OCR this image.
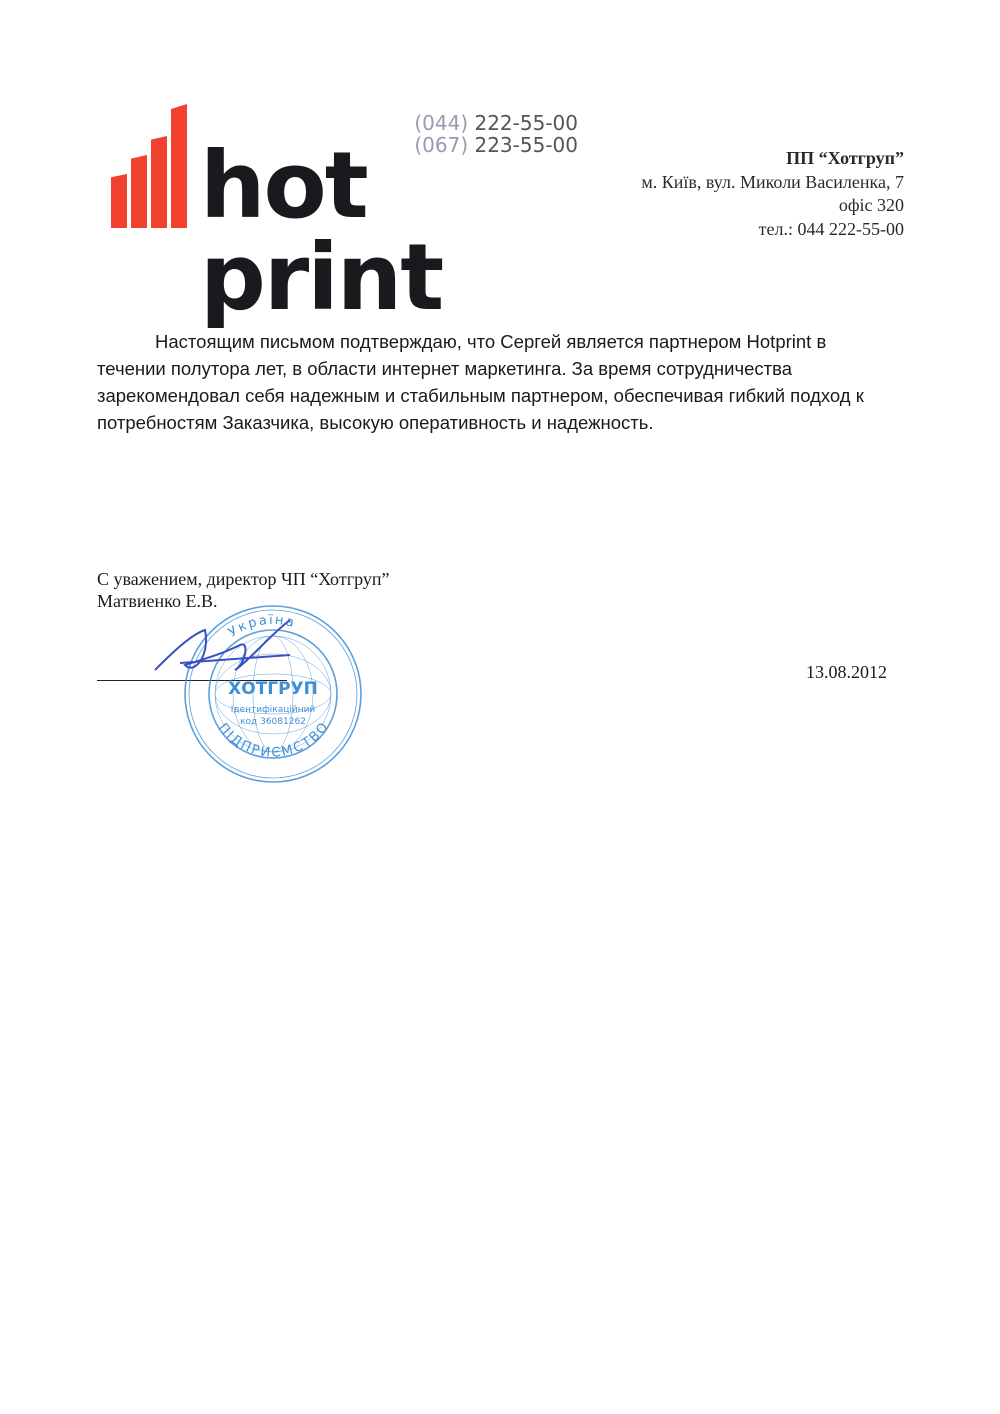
(044) 222-55-00
(067) 223-55-00
hot print
ПП “Хотгруп”
м. Київ, вул. Миколи Василенка, 7
офіс 320
тел.: 044 222-55-00

Настоящим письмом подтверждаю, что Сергей является партнером Hotprint в течении полутора лет, в области интернет маркетинга. За время сотрудничества зарекомендовал себя надежным и стабильным партнером, обеспечивая гибкий подход к потребностям Заказчика, высокую оперативность и надежность.

С уважением, директор ЧП “Хотгруп”
Матвиенко Е.В.
Україна
ПІДПРИЄМСТВО
ХОТГРУП
Ідентифікаційний
код 36081262
13.08.2012
